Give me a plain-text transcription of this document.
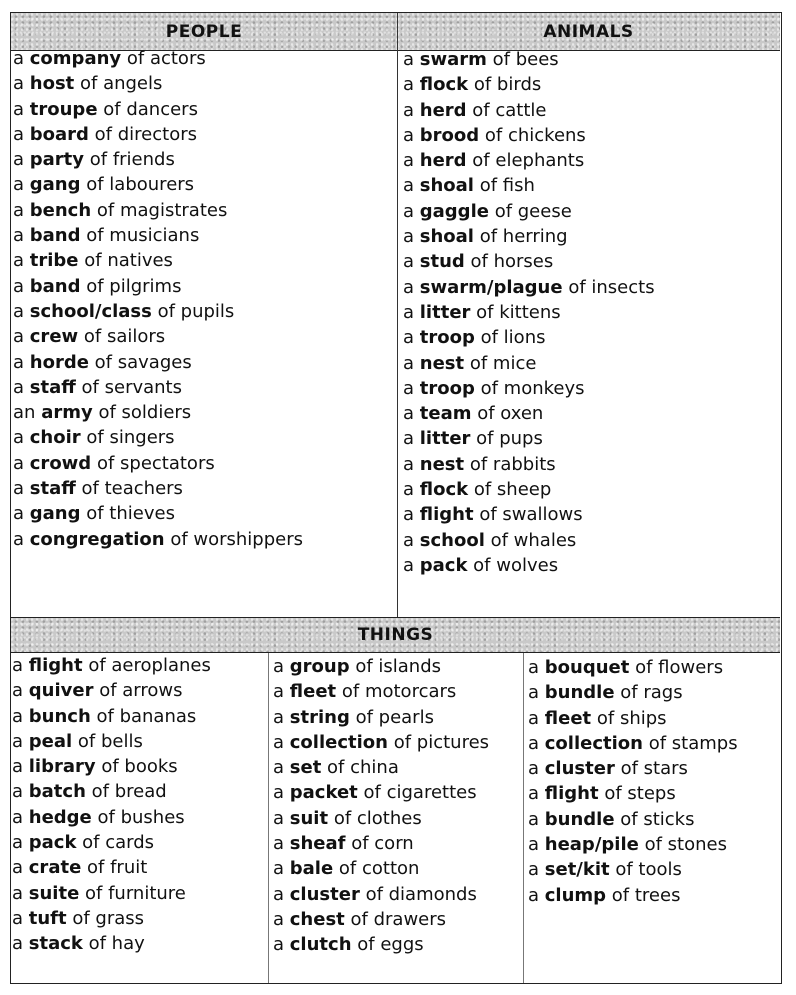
PEOPLE	ANIMALS
THINGS
a company of actors
a host of angels
a troupe of dancers
a board of directors
a party of friends
a gang of labourers
a bench of magistrates
a band of musicians
a tribe of natives
a band of pilgrims
a school/class of pupils
a crew of sailors
a horde of savages
a staff of servants
an army of soldiers
a choir of singers
a crowd of spectators
a staff of teachers
a gang of thieves
a congregation of worshippers
a swarm of bees
a flock of birds
a herd of cattle
a brood of chickens
a herd of elephants
a shoal of fish
a gaggle of geese
a shoal of herring
a stud of horses
a swarm/plague of insects
a litter of kittens
a troop of lions
a nest of mice
a troop of monkeys
a team of oxen
a litter of pups
a nest of rabbits
a flock of sheep
a flight of swallows
a school of whales
a pack of wolves
a flight of aeroplanes
a quiver of arrows
a bunch of bananas
a peal of bells
a library of books
a batch of bread
a hedge of bushes
a pack of cards
a crate of fruit
a suite of furniture
a tuft of grass
a stack of hay
a group of islands
a fleet of motorcars
a string of pearls
a collection of pictures
a set of china
a packet of cigarettes
a suit of clothes
a sheaf of corn
a bale of cotton
a cluster of diamonds
a chest of drawers
a clutch of eggs
a bouquet of flowers
a bundle of rags
a fleet of ships
a collection of stamps
a cluster of stars
a flight of steps
a bundle of sticks
a heap/pile of stones
a set/kit of tools
a clump of trees
